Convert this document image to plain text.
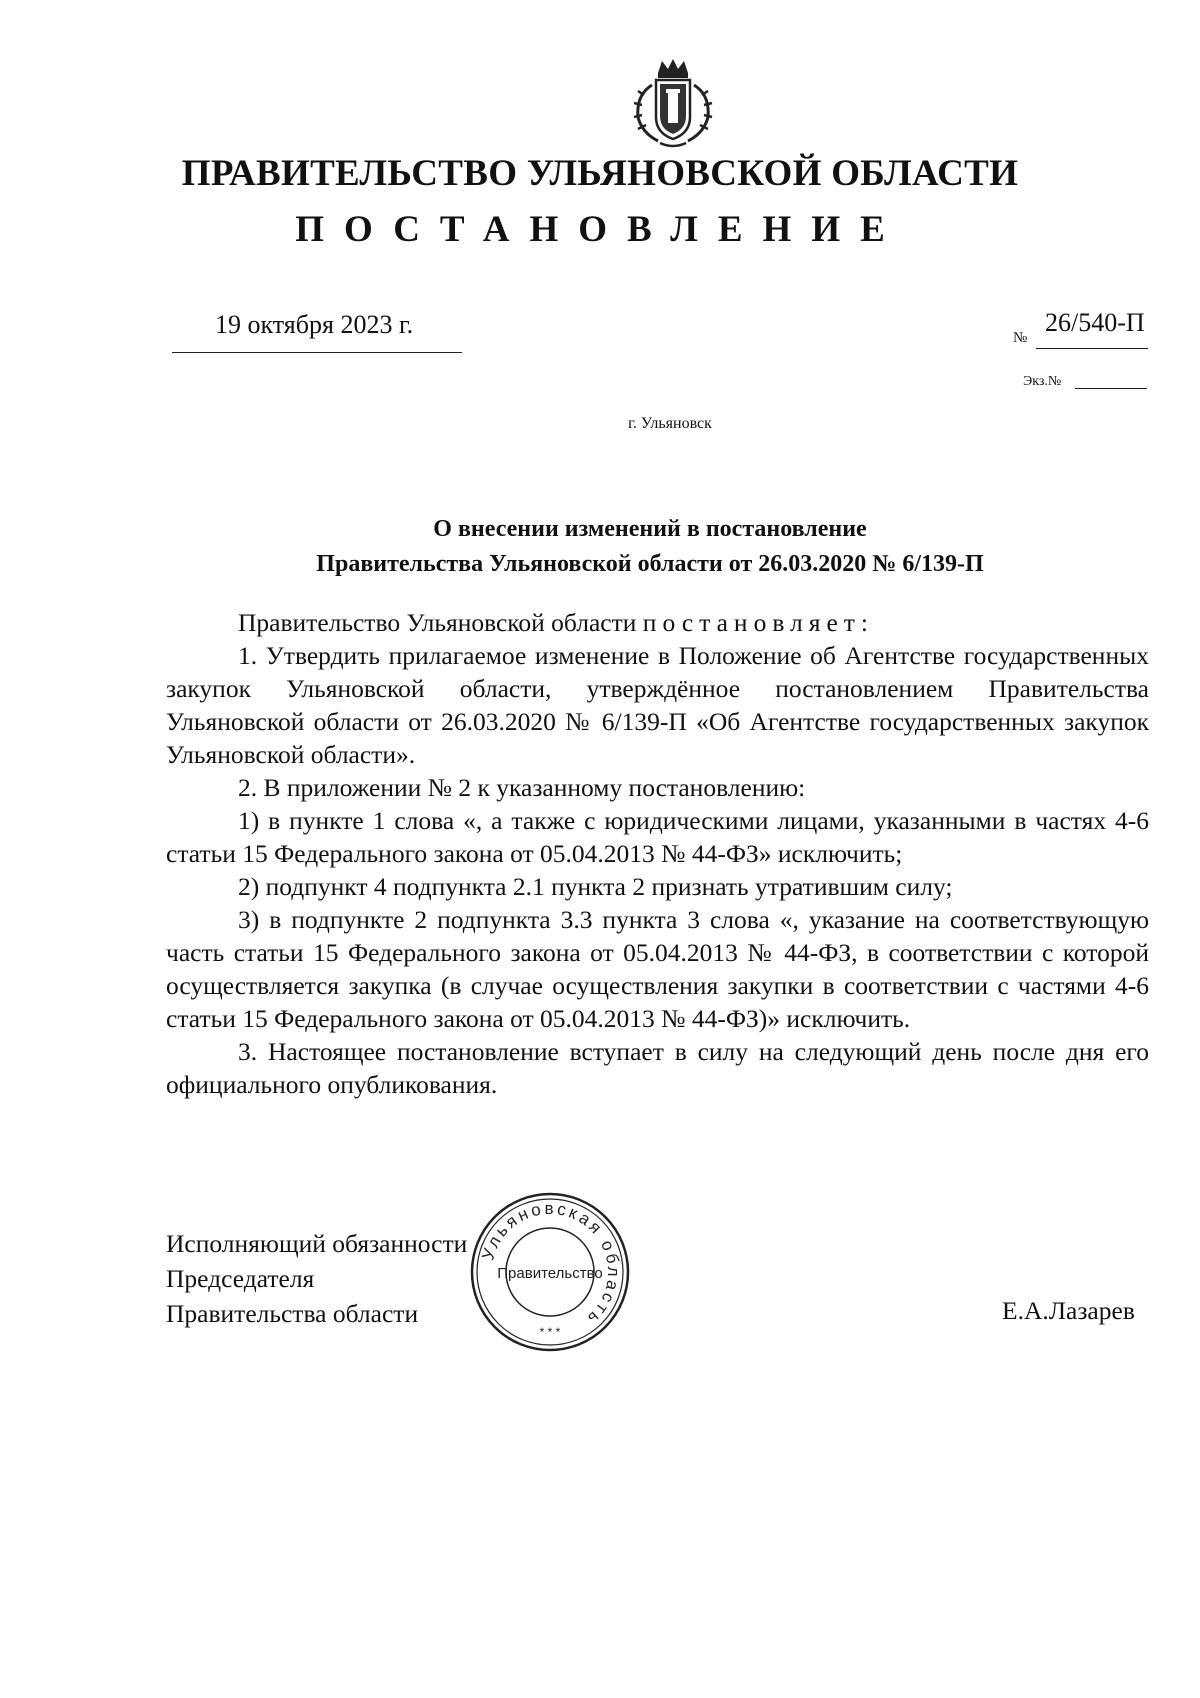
ПРАВИТЕЛЬСТВО УЛЬЯНОВСКОЙ ОБЛАСТИ
ПОСТАНОВЛЕНИЕ
19 октября 2023 г.	№
26/540-П
Экз.№
г. Ульяновск
О внесении изменений в постановление
Правительства Ульяновской области от 26.03.2020 № 6/139-П

Правительство Ульяновской области постановляет:

1. Утвердить прилагаемое изменение в Положение об Агентстве государственных закупок Ульяновской области, утверждённое постановлением Правительства Ульяновской области от 26.03.2020 № 6/139-П «Об Агентстве государственных закупок Ульяновской области».

2. В приложении № 2 к указанному постановлению:

1) в пункте 1 слова «, а также с юридическими лицами, указанными в частях 4-6 статьи 15 Федерального закона от 05.04.2013 № 44-ФЗ» исключить;

2) подпункт 4 подпункта 2.1 пункта 2 признать утратившим силу;

3) в подпункте 2 подпункта 3.3 пункта 3 слова «, указание на соответствующую часть статьи 15 Федерального закона от 05.04.2013 № 44-ФЗ, в соответствии с которой осуществляется закупка (в случае осуществления закупки в соответствии с частями 4-6 статьи 15 Федерального закона от 05.04.2013 № 44-ФЗ)» исключить.

3. Настоящее постановление вступает в силу на следующий день после дня его официального опубликования.

Исполняющий обязанности
Председателя
Правительства области	Е.А.Лазарев
Ульяновская область
Правительство
* * *
